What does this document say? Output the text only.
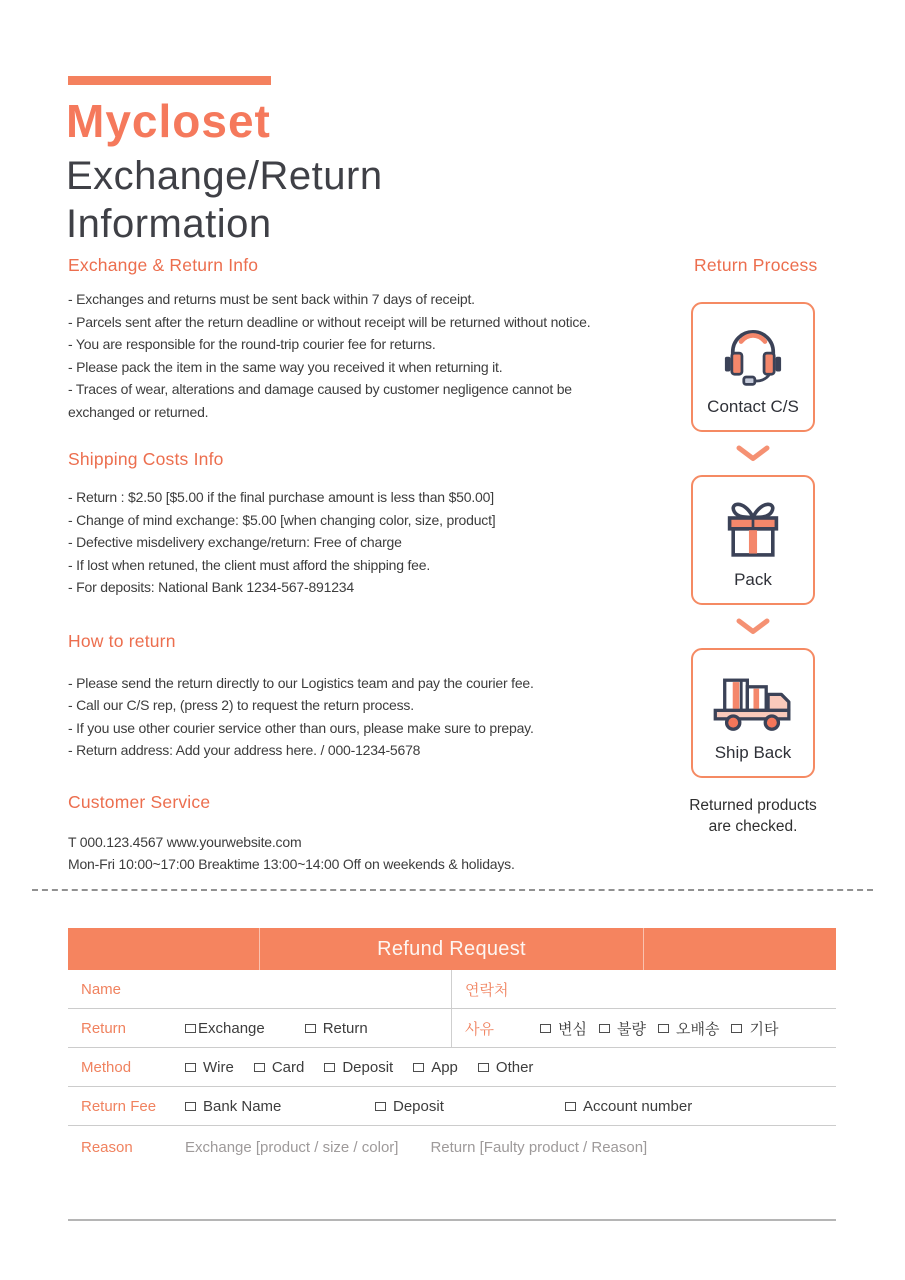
Mycloset
Exchange/Return
Information
Exchange & Return Info

- Exchanges and returns must be sent back within 7 days of receipt.

- Parcels sent after the return deadline or without receipt will be returned without notice.

- You are responsible for the round-trip courier fee for returns.

- Please pack the item in the same way you received it when returning it.

- Traces of wear, alterations and damage caused by customer negligence cannot be

exchanged or returned.

Shipping Costs Info

- Return : $2.50 [$5.00 if the final purchase amount is less than $50.00]

- Change of mind exchange: $5.00 [when changing color, size, product]

- Defective misdelivery exchange/return: Free of charge

- If lost when retuned, the client must afford the shipping fee.

- For deposits: National Bank 1234-567-891234

How to return

- Please send the return directly to our Logistics team and pay the courier fee.

- Call our C/S rep, (press 2) to request the return process.

- If you use other courier service other than ours, please make sure to prepay.

- Return address: Add your address here. / 000-1234-5678

Customer Service

T 000.123.4567 www.yourwebsite.com

Mon-Fri 10:00~17:00 Breaktime 13:00~14:00 Off on weekends & holidays.

Return Process
Contact C/S
Pack
Ship Back
Returned products
are checked.
Refund Request
Name	연락처
Return	Exchange	Return	사유	변심 불량 오배송 기타
Method	Wire	Card	Deposit	App	Other
Return Fee	Bank Name	Deposit	Account number
Reason	Exchange [product / size / color] Return [Faulty product / Reason]
